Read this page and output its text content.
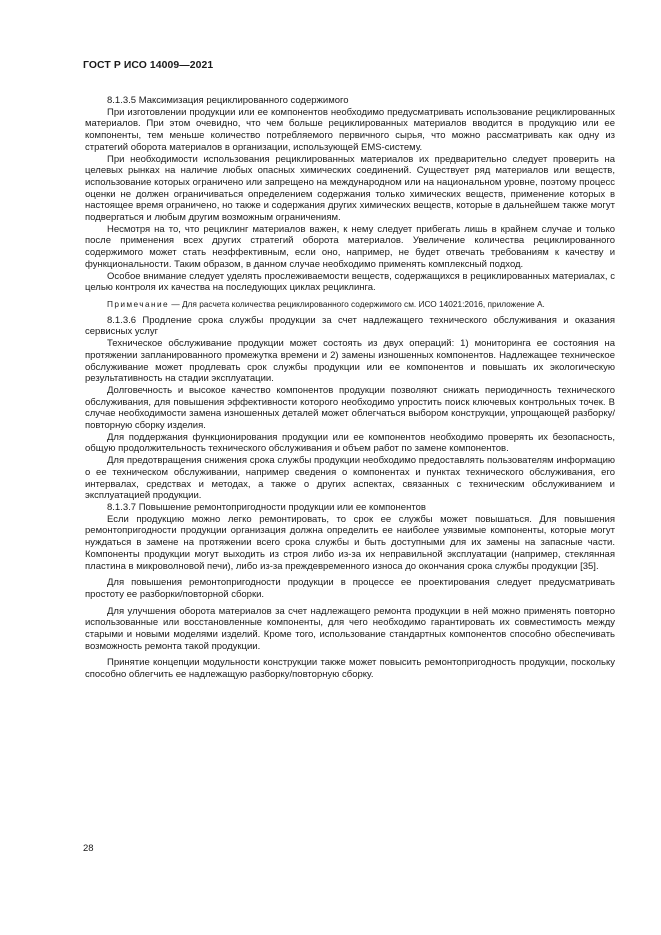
ГОСТ Р ИСО 14009—2021

8.1.3.5 Максимизация рециклированного содержимого

При изготовлении продукции или ее компонентов необходимо предусматривать использование рециклированных материалов. При этом очевидно, что чем больше рециклированных материалов вводится в продукцию или ее компоненты, тем меньше количество потребляемого первичного сырья, что можно рассматривать как одну из стратегий оборота материалов в организации, использующей EMS-систему.

При необходимости использования рециклированных материалов их предварительно следует проверить на целевых рынках на наличие любых опасных химических соединений. Существует ряд материалов или веществ, использование которых ограничено или запрещено на международном или на национальном уровне, поэтому процесс оценки не должен ограничиваться определением содержания только химических веществ, применение которых в настоящее время ограничено, но также и содержания других химических веществ, которые в дальнейшем также могут подвергаться и любым другим возможным ограничениям.

Несмотря на то, что рециклинг материалов важен, к нему следует прибегать лишь в крайнем случае и только после применения всех других стратегий оборота материалов. Увеличение количества рециклированного содержимого может стать неэффективным, если оно, например, не будет отвечать требованиям к качеству и функциональности. Таким образом, в данном случае необходимо применять комплексный подход.

Особое внимание следует уделять прослеживаемости веществ, содержащихся в рециклированных материалах, с целью контроля их качества на последующих циклах рециклинга.

Примечание — Для расчета количества рециклированного содержимого см. ИСО 14021:2016, приложение А.

8.1.3.6 Продление срока службы продукции за счет надлежащего технического обслуживания и оказания сервисных услуг

Техническое обслуживание продукции может состоять из двух операций: 1) мониторинга ее состояния на протяжении запланированного промежутка времени и 2) замены изношенных компонентов. Надлежащее техническое обслуживание может продлевать срок службы продукции или ее компонентов и повышать их экологическую результативность на стадии эксплуатации.

Долговечность и высокое качество компонентов продукции позволяют снижать периодичность технического обслуживания, для повышения эффективности которого необходимо упростить поиск ключевых контрольных точек. В случае необходимости замена изношенных деталей может облегчаться выбором конструкции, упрощающей разборку/повторную сборку изделия.

Для поддержания функционирования продукции или ее компонентов необходимо проверять их безопасность, общую продолжительность технического обслуживания и объем работ по замене компонентов.

Для предотвращения снижения срока службы продукции необходимо предоставлять пользователям информацию о ее техническом обслуживании, например сведения о компонентах и пунктах технического обслуживания, его интервалах, средствах и методах, а также о других аспектах, связанных с техническим обслуживанием и эксплуатацией продукции.

8.1.3.7 Повышение ремонтопригодности продукции или ее компонентов

Если продукцию можно легко ремонтировать, то срок ее службы может повышаться. Для повышения ремонтопригодности продукции организация должна определить ее наиболее уязвимые компоненты, которые могут нуждаться в замене на протяжении всего срока службы и быть доступными для их замены на запасные части. Компоненты продукции могут выходить из строя либо из-за их неправильной эксплуатации (например, стеклянная пластина в микроволновой печи), либо из-за преждевременного износа до окончания срока службы продукции [35].

Для повышения ремонтопригодности продукции в процессе ее проектирования следует предусматривать простоту ее разборки/повторной сборки.

Для улучшения оборота материалов за счет надлежащего ремонта продукции в ней можно применять повторно использованные или восстановленные компоненты, для чего необходимо гарантировать их совместимость между старыми и новыми моделями изделий. Кроме того, использование стандартных компонентов способно обеспечивать возможность ремонта такой продукции.

Принятие концепции модульности конструкции также может повысить ремонтопригодность продукции, поскольку способно облегчить ее надлежащую разборку/повторную сборку.

28
